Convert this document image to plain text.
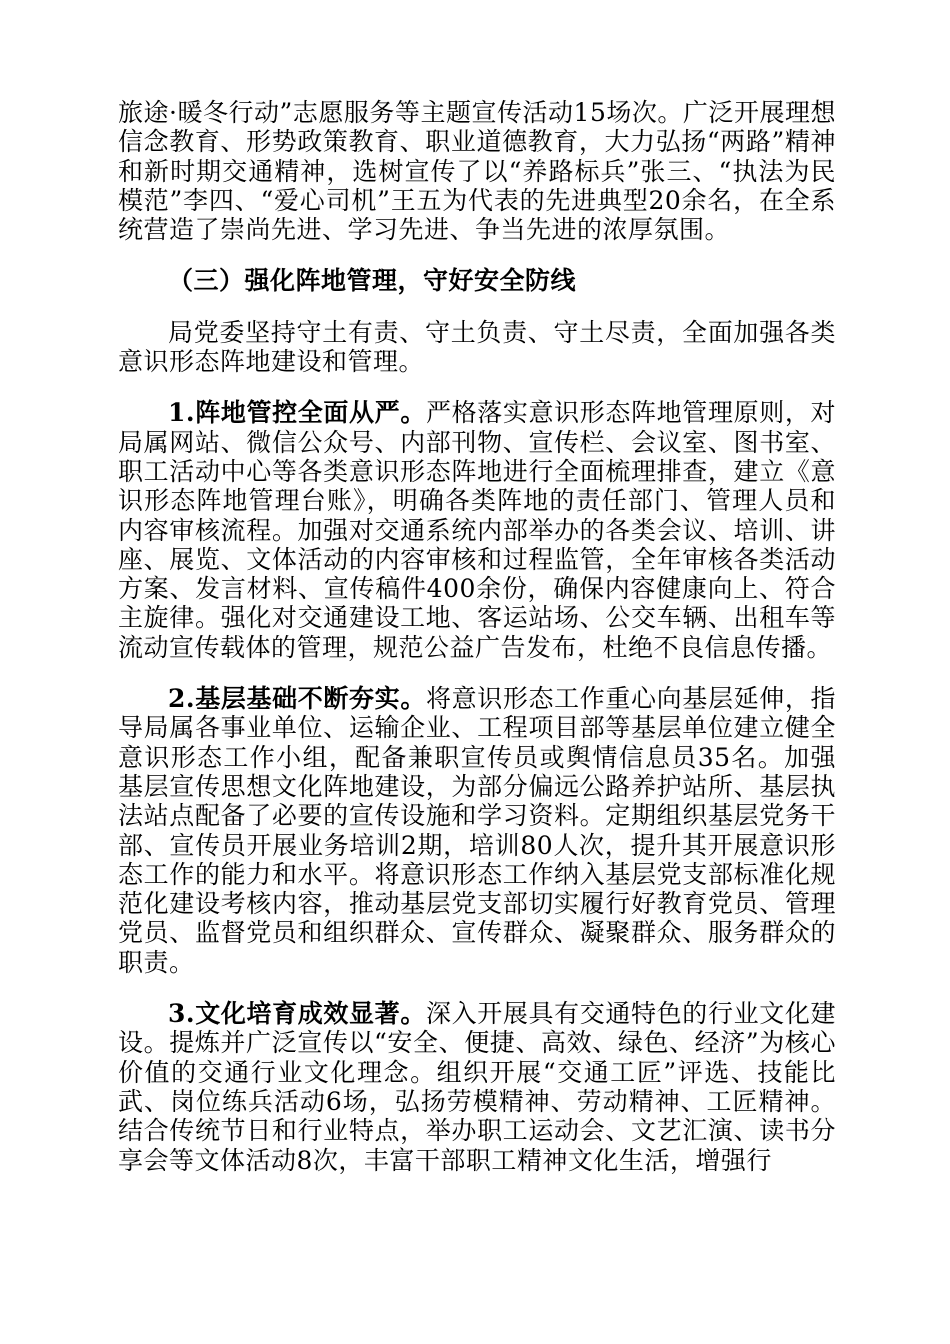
旅途·暖冬行动”志愿服务等主题宣传活动15场次。广泛开展理想信念教育、形势政策教育、职业道德教育，大力弘扬“两路”精神和新时期交通精神，选树宣传了以“养路标兵”张三、“执法为民模范”李四、“爱心司机”王五为代表的先进典型20余名，在全系统营造了崇尚先进、学习先进、争当先进的浓厚氛围。

（三）强化阵地管理，守好安全防线

局党委坚持守土有责、守土负责、守土尽责，全面加强各类意识形态阵地建设和管理。

1.阵地管控全面从严。严格落实意识形态阵地管理原则，对局属网站、微信公众号、内部刊物、宣传栏、会议室、图书室、职工活动中心等各类意识形态阵地进行全面梳理排查，建立《意识形态阵地管理台账》，明确各类阵地的责任部门、管理人员和内容审核流程。加强对交通系统内部举办的各类会议、培训、讲座、展览、文体活动的内容审核和过程监管，全年审核各类活动方案、发言材料、宣传稿件400余份，确保内容健康向上、符合主旋律。强化对交通建设工地、客运站场、公交车辆、出租车等流动宣传载体的管理，规范公益广告发布，杜绝不良信息传播。

2.基层基础不断夯实。将意识形态工作重心向基层延伸，指导局属各事业单位、运输企业、工程项目部等基层单位建立健全意识形态工作小组，配备兼职宣传员或舆情信息员35名。加强基层宣传思想文化阵地建设，为部分偏远公路养护站所、基层执法站点配备了必要的宣传设施和学习资料。定期组织基层党务干部、宣传员开展业务培训2期，培训80人次，提升其开展意识形态工作的能力和水平。将意识形态工作纳入基层党支部标准化规范化建设考核内容，推动基层党支部切实履行好教育党员、管理党员、监督党员和组织群众、宣传群众、凝聚群众、服务群众的职责。

3.文化培育成效显著。深入开展具有交通特色的行业文化建设。提炼并广泛宣传以“安全、便捷、高效、绿色、经济”为核心价值的交通行业文化理念。组织开展“交通工匠”评选、技能比武、岗位练兵活动6场，弘扬劳模精神、劳动精神、工匠精神。结合传统节日和行业特点，举办职工运动会、文艺汇演、读书分享会等文体活动8次，丰富干部职工精神文化生活，增强行
